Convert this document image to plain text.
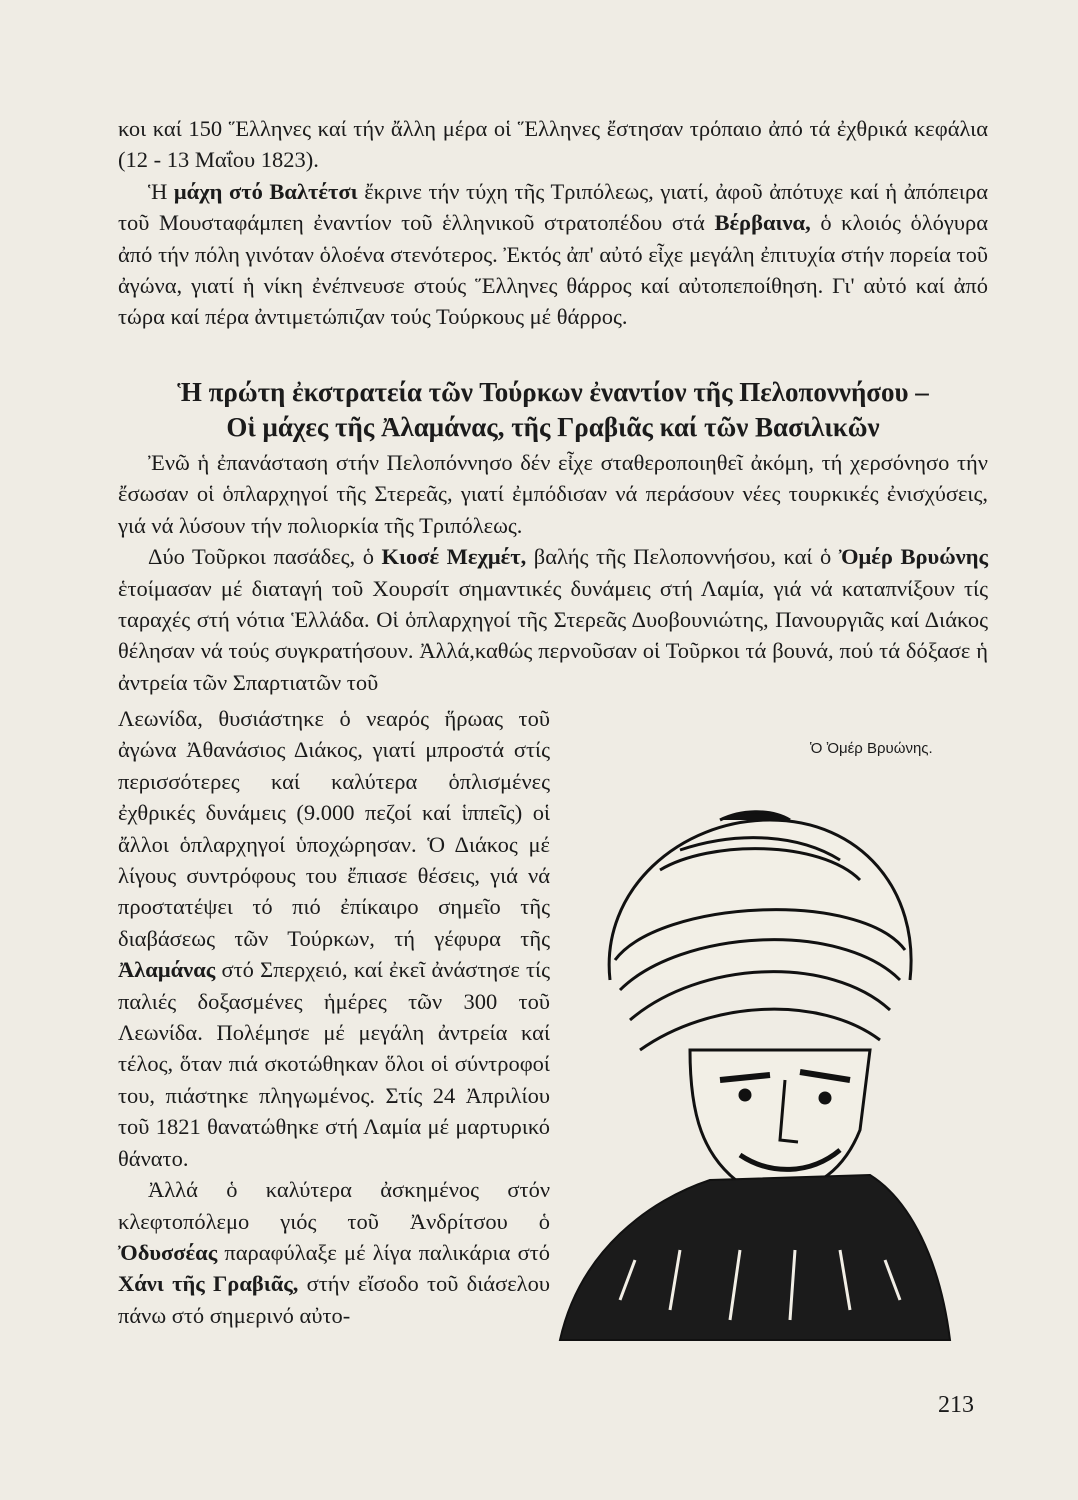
κοι καί 150 Ἕλληνες καί τήν ἄλλη μέρα οἱ Ἕλληνες ἔστησαν τρόπαιο ἀπό τά ἐχθρικά κεφάλια (12 - 13 Μαΐου 1823).

Ἡ μάχη στό Βαλτέτσι ἔκρινε τήν τύχη τῆς Τριπόλεως, γιατί, ἀφοῦ ἀπότυχε καί ἡ ἀπόπειρα τοῦ Μουσταφάμπεη ἐναντίον τοῦ ἑλληνικοῦ στρατοπέδου στά Βέρβαινα, ὁ κλοιός ὁλόγυρα ἀπό τήν πόλη γινόταν ὁλοένα στενότερος. Ἐκτός ἀπ' αὐτό εἶχε μεγάλη ἐπιτυχία στήν πορεία τοῦ ἀγώνα, γιατί ἡ νίκη ἐνέπνευσε στούς Ἕλληνες θάρρος καί αὐτοπεποίθηση. Γι' αὐτό καί ἀπό τώρα καί πέρα ἀντιμετώπιζαν τούς Τούρκους μέ θάρρος.

Ἡ πρώτη ἐκστρατεία τῶν Τούρκων ἐναντίον τῆς Πελοποννήσου –
Οἱ μάχες τῆς Ἀλαμάνας, τῆς Γραβιᾶς καί τῶν Βασιλικῶν

Ἐνῶ ἡ ἐπανάσταση στήν Πελοπόννησο δέν εἶχε σταθεροποιηθεῖ ἀκόμη, τή χερσόνησο τήν ἔσωσαν οἱ ὁπλαρχηγοί τῆς Στερεᾶς, γιατί ἐμπόδισαν νά περάσουν νέες τουρκικές ἐνισχύσεις, γιά νά λύσουν τήν πολιορκία τῆς Τριπόλεως.

Δύο Τοῦρκοι πασάδες, ὁ Κιοσέ Μεχμέτ, βαλής τῆς Πελοποννήσου, καί ὁ Ὀμέρ Βρυώνης ἑτοίμασαν μέ διαταγή τοῦ Χουρσίτ σημαντικές δυνάμεις στή Λαμία, γιά νά καταπνίξουν τίς ταραχές στή νότια Ἑλλάδα. Οἱ ὁπλαρχηγοί τῆς Στερεᾶς Δυοβουνιώτης, Πανουργιᾶς καί Διάκος θέλησαν νά τούς συγκρατήσουν. Ἀλλά,καθώς περνοῦσαν οἱ Τοῦρκοι τά βουνά, πού τά δόξασε ἡ ἀντρεία τῶν Σπαρτιατῶν τοῦ

Λεωνίδα, θυσιάστηκε ὁ νεαρός ἥρωας τοῦ ἀγώνα Ἀθανάσιος Διάκος, γιατί μπροστά στίς περισσότερες καί καλύτερα ὁπλισμένες ἐχθρικές δυνάμεις (9.000 πεζοί καί ἱππεῖς) οἱ ἄλλοι ὁπλαρχηγοί ὑποχώρησαν. Ὁ Διάκος μέ λίγους συντρόφους του ἔπιασε θέσεις, γιά νά προστατέψει τό πιό ἐπίκαιρο σημεῖο τῆς διαβάσεως τῶν Τούρκων, τή γέφυρα τῆς Ἀλαμάνας στό Σπερχειό, καί ἐκεῖ ἀνάστησε τίς παλιές δοξασμένες ἡμέρες τῶν 300 τοῦ Λεωνίδα. Πολέμησε μέ μεγάλη ἀντρεία καί τέλος, ὅταν πιά σκοτώθηκαν ὅλοι οἱ σύντροφοί του, πιάστηκε πληγωμένος. Στίς 24 Ἀπριλίου τοῦ 1821 θανατώθηκε στή Λαμία μέ μαρτυρικό θάνατο.

Ἀλλά ὁ καλύτερα ἀσκημένος στόν κλεφτοπόλεμο γιός τοῦ Ἀνδρίτσου ὁ Ὀδυσσέας παραφύλαξε μέ λίγα παλικάρια στό Χάνι τῆς Γραβιᾶς, στήν εἴσοδο τοῦ διάσελου πάνω στό σημερινό αὐτο-

Ὁ Ὀμέρ Βρυώνης.
213
